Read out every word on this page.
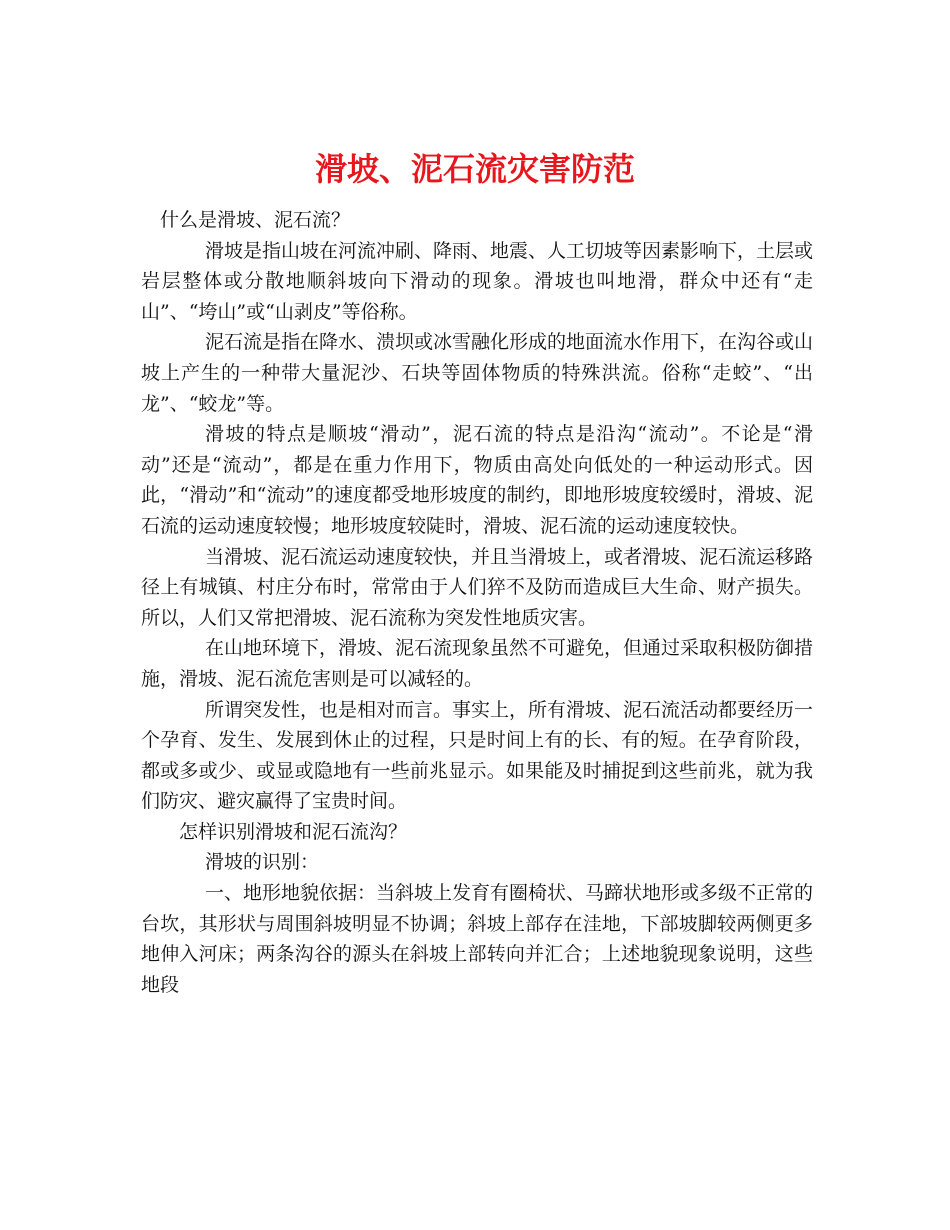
滑坡、泥石流灾害防范

什么是滑坡、泥石流？

滑坡是指山坡在河流冲刷、降雨、地震、人工切坡等因素影响下，土层或岩层整体或分散地顺斜坡向下滑动的现象。滑坡也叫地滑，群众中还有“走山”、“垮山”或“山剥皮”等俗称。

泥石流是指在降水、溃坝或冰雪融化形成的地面流水作用下，在沟谷或山坡上产生的一种带大量泥沙、石块等固体物质的特殊洪流。俗称“走蛟”、“出龙”、“蛟龙”等。

滑坡的特点是顺坡“滑动”，泥石流的特点是沿沟“流动”。不论是“滑动”还是“流动”，都是在重力作用下，物质由高处向低处的一种运动形式。因此，“滑动”和“流动”的速度都受地形坡度的制约，即地形坡度较缓时，滑坡、泥石流的运动速度较慢；地形坡度较陡时，滑坡、泥石流的运动速度较快。

当滑坡、泥石流运动速度较快，并且当滑坡上，或者滑坡、泥石流运移路径上有城镇、村庄分布时，常常由于人们猝不及防而造成巨大生命、财产损失。所以，人们又常把滑坡、泥石流称为突发性地质灾害。

在山地环境下，滑坡、泥石流现象虽然不可避免，但通过采取积极防御措施，滑坡、泥石流危害则是可以减轻的。

所谓突发性，也是相对而言。事实上，所有滑坡、泥石流活动都要经历一个孕育、发生、发展到休止的过程，只是时间上有的长、有的短。在孕育阶段，都或多或少、或显或隐地有一些前兆显示。如果能及时捕捉到这些前兆，就为我们防灾、避灾赢得了宝贵时间。

怎样识别滑坡和泥石流沟？

滑坡的识别：

一、地形地貌依据：当斜坡上发育有圈椅状、马蹄状地形或多级不正常的台坎，其形状与周围斜坡明显不协调；斜坡上部存在洼地，下部坡脚较两侧更多地伸入河床；两条沟谷的源头在斜坡上部转向并汇合；上述地貌现象说明，这些地段
